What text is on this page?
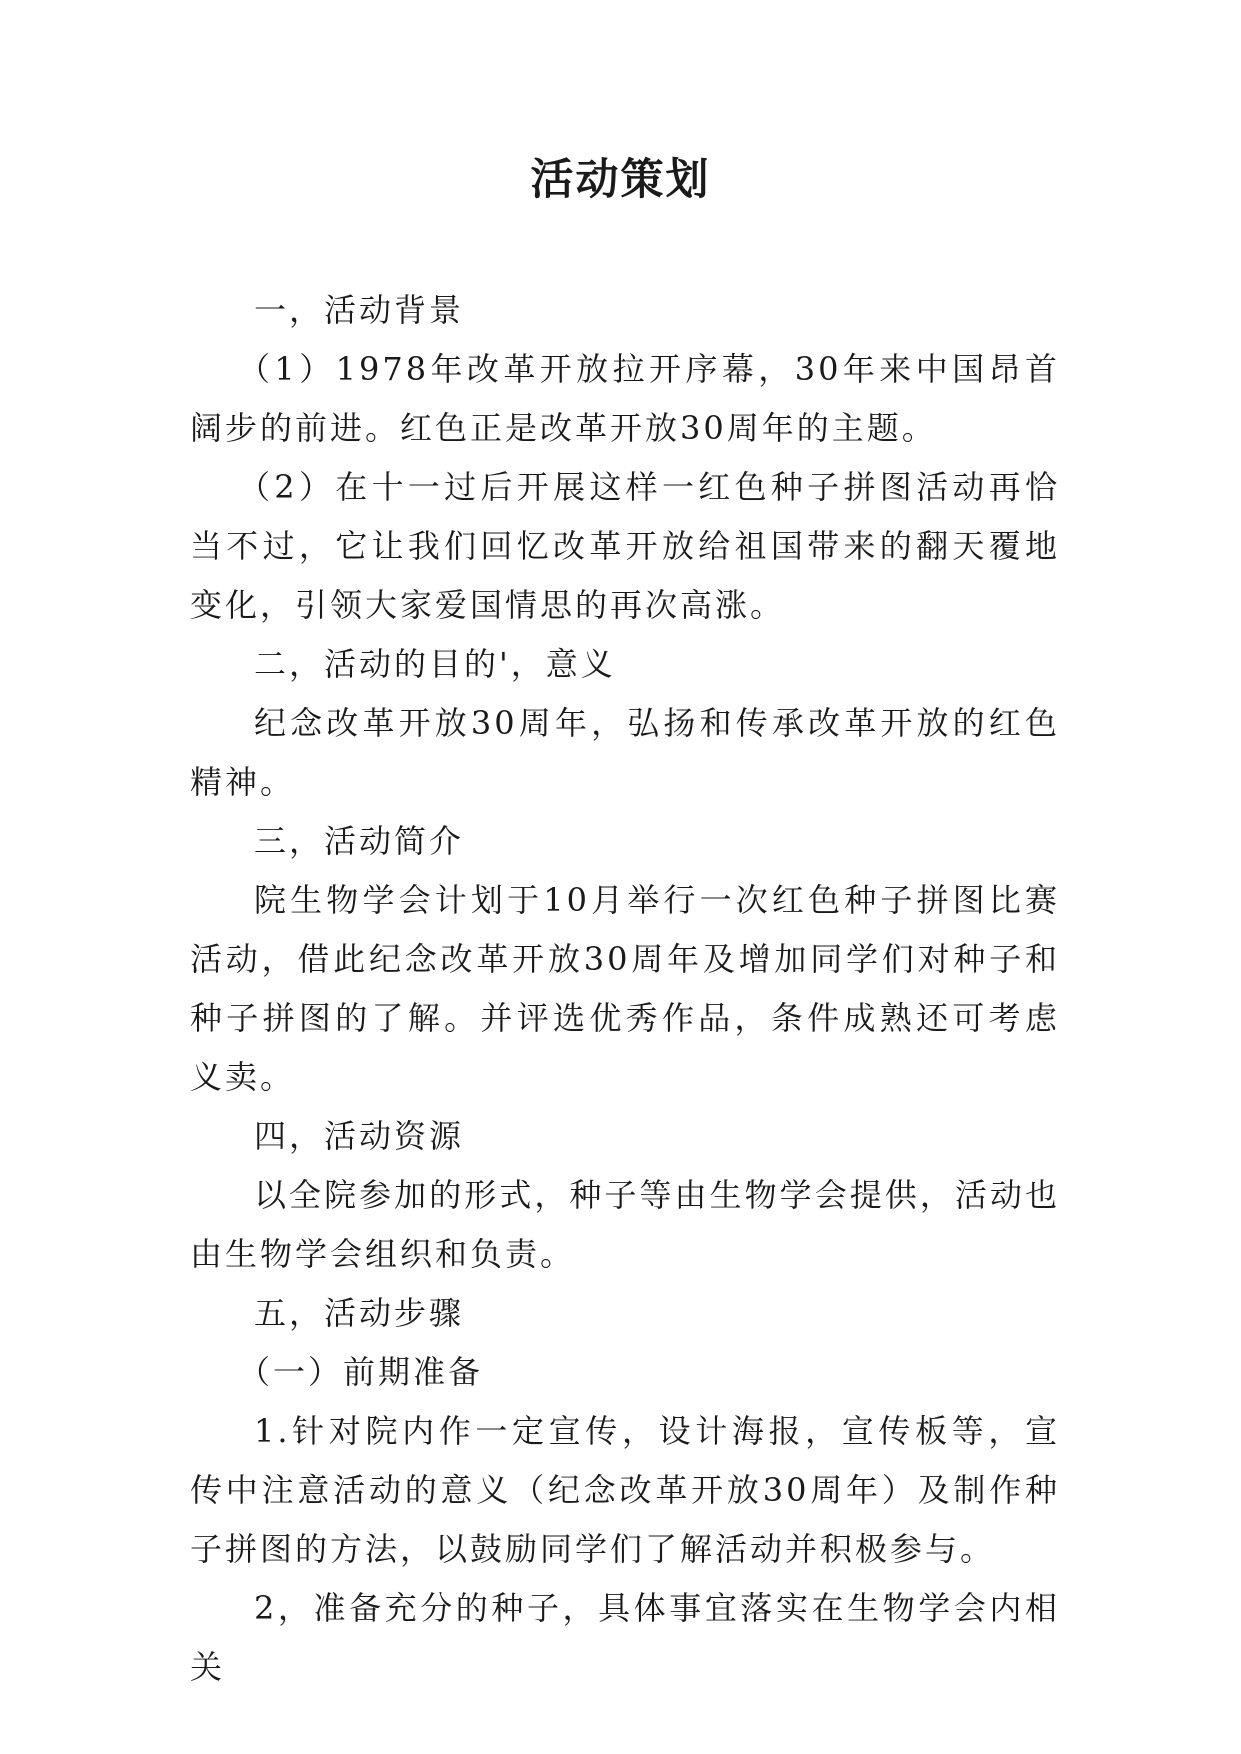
活动策划

一，活动背景

（1）1978年改革开放拉开序幕，30年来中国昂首阔步的前进。红色正是改革开放30周年的主题。

（2）在十一过后开展这样一红色种子拼图活动再恰当不过，它让我们回忆改革开放给祖国带来的翻天覆地变化，引领大家爱国情思的再次高涨。

二，活动的目的'，意义

纪念改革开放30周年，弘扬和传承改革开放的红色精神。

三，活动简介

院生物学会计划于10月举行一次红色种子拼图比赛活动，借此纪念改革开放30周年及增加同学们对种子和种子拼图的了解。并评选优秀作品，条件成熟还可考虑义卖。

四，活动资源

以全院参加的形式，种子等由生物学会提供，活动也由生物学会组织和负责。

五，活动步骤

（一）前期准备

1.针对院内作一定宣传，设计海报，宣传板等，宣传中注意活动的意义（纪念改革开放30周年）及制作种子拼图的方法，以鼓励同学们了解活动并积极参与。

2，准备充分的种子，具体事宜落实在生物学会内相关
